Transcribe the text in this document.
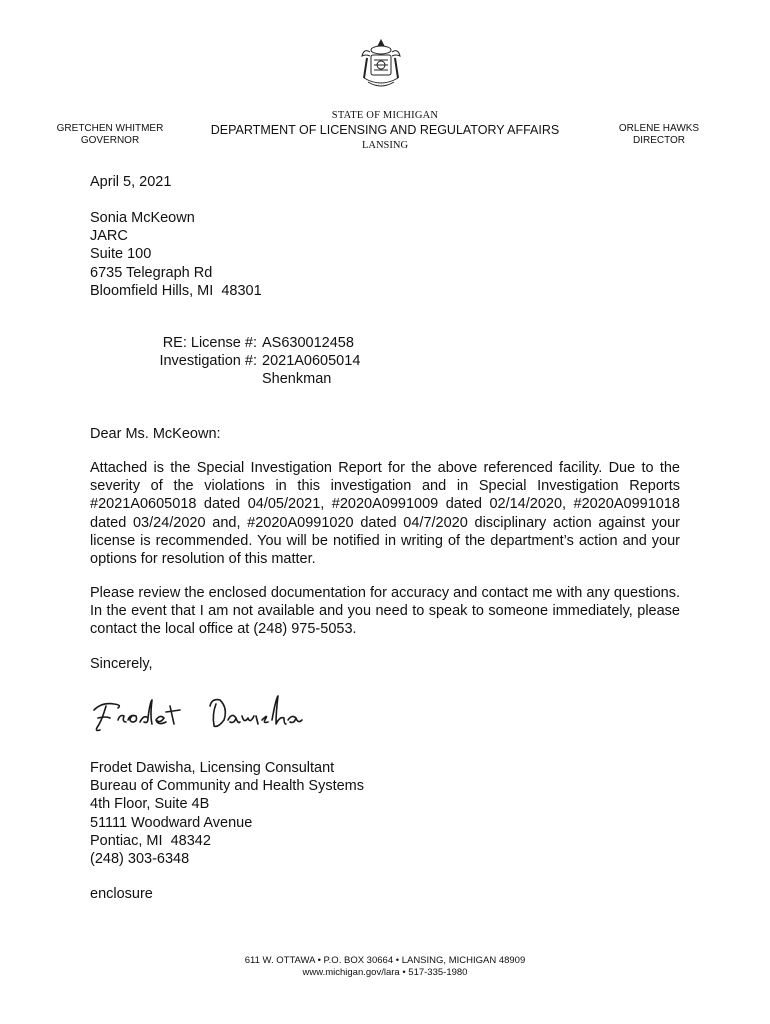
· · · · ·
STATE OF MICHIGAN
DEPARTMENT OF LICENSING AND REGULATORY AFFAIRS
LANSING
GRETCHEN WHITMER
GOVERNOR
ORLENE HAWKS
DIRECTOR
April 5, 2021
Sonia McKeown
JARC
Suite 100
6735 Telegraph Rd
Bloomfield Hills, MI  48301
RE: License #:
Investigation #:
AS630012458
2021A0605014
Shenkman
Dear Ms. McKeown:
Attached is the Special Investigation Report for the above referenced facility. Due to the severity of the violations in this investigation and in Special Investigation Reports #2021A0605018 dated 04/05/2021, #2020A0991009 dated 02/14/2020, #2020A0991018 dated 03/24/2020 and, #2020A0991020 dated 04/7/2020 disciplinary action against your license is recommended. You will be notified in writing of the department’s action and your options for resolution of this matter.
Please review the enclosed documentation for accuracy and contact me with any questions. In the event that I am not available and you need to speak to someone immediately, please contact the local office at (248) 975-5053.
Sincerely,
Frodet Dawisha, Licensing Consultant
Bureau of Community and Health Systems
4th Floor, Suite 4B
51111 Woodward Avenue
Pontiac, MI  48342
(248) 303-6348
enclosure
611 W. OTTAWA • P.O. BOX 30664 • LANSING, MICHIGAN 48909
www.michigan.gov/lara • 517-335-1980
